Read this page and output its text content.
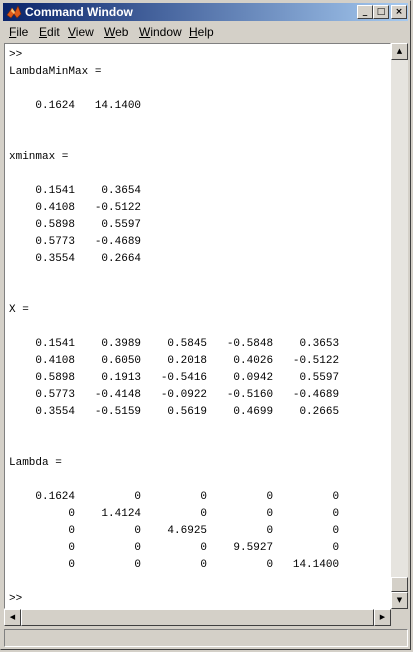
Command Window	_	□	×
File Edit View Web Window Help
>>
LambdaMinMax =

0.1624   14.1400

xminmax =

0.1541    0.3654
0.4108   -0.5122
0.5898    0.5597
0.5773   -0.4689
0.3554    0.2664

X =

0.1541    0.3989    0.5845   -0.5848    0.3653
0.4108    0.6050    0.2018    0.4026   -0.5122
0.5898    0.1913   -0.5416    0.0942    0.5597
0.5773   -0.4148   -0.0922   -0.5160   -0.4689
0.3554   -0.5159    0.5619    0.4699    0.2665

Lambda =

0.1624         0         0         0         0
0    1.4124         0         0         0
0         0    4.6925         0         0
0         0         0    9.5927         0
0         0         0         0   14.1400

>>
▲
▼
◀	▶
